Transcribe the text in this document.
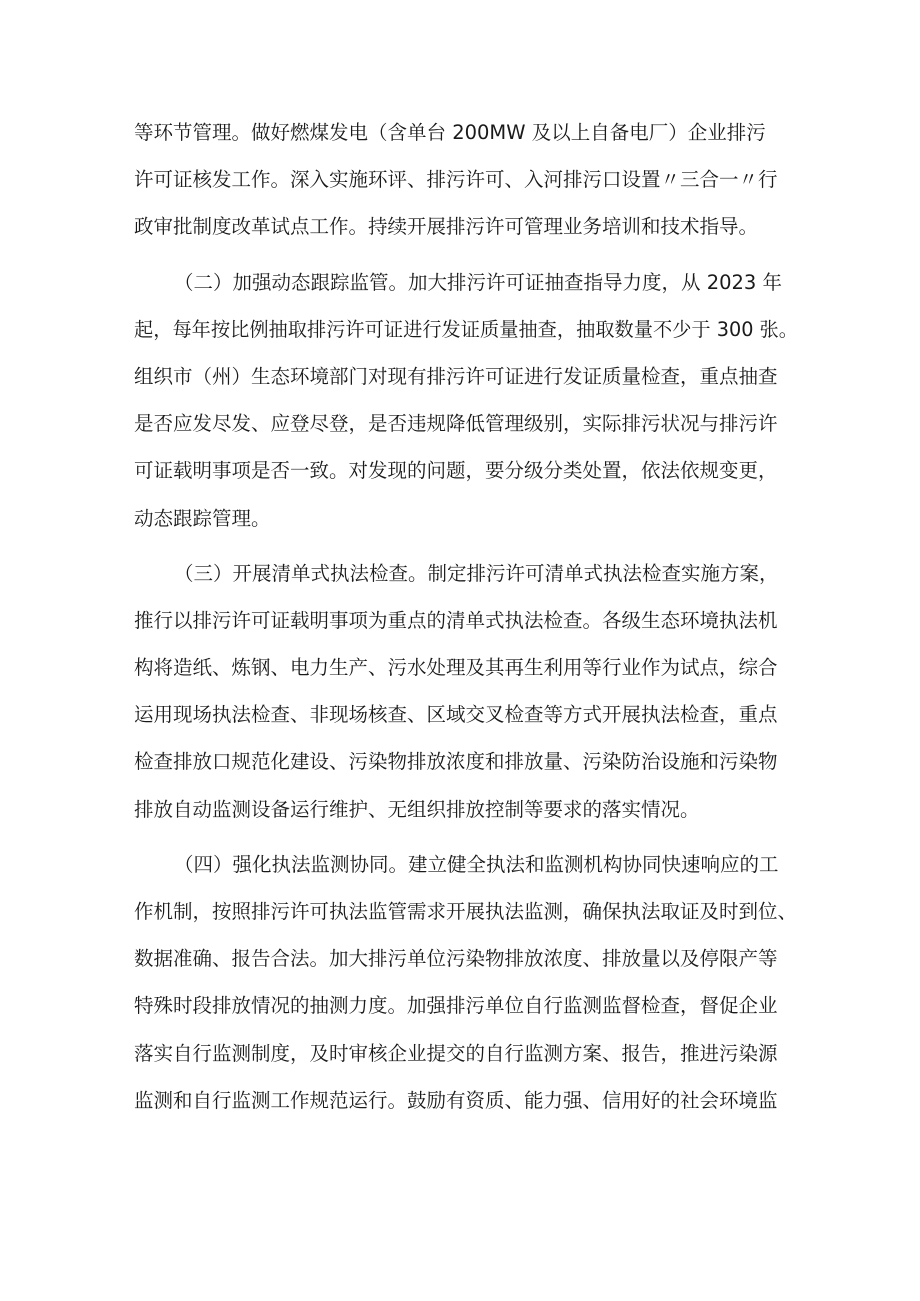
等环节管理。做好燃煤发电（含单台 200MW 及以上自备电厂）企业排污
许可证核发工作。深入实施环评、排污许可、入河排污口设置〃三合一〃行
政审批制度改革试点工作。持续开展排污许可管理业务培训和技术指导。
（二）加强动态跟踪监管。加大排污许可证抽查指导力度，从 2023 年
起，每年按比例抽取排污许可证进行发证质量抽查，抽取数量不少于 300 张。
组织市（州）生态环境部门对现有排污许可证进行发证质量检查，重点抽查
是否应发尽发、应登尽登，是否违规降低管理级别，实际排污状况与排污许
可证载明事项是否一致。对发现的问题，要分级分类处置，依法依规变更，
动态跟踪管理。
（三）开展清单式执法检查。制定排污许可清单式执法检查实施方案，
推行以排污许可证载明事项为重点的清单式执法检查。各级生态环境执法机
构将造纸、炼钢、电力生产、污水处理及其再生利用等行业作为试点，综合
运用现场执法检查、非现场核查、区域交叉检查等方式开展执法检查，重点
检查排放口规范化建设、污染物排放浓度和排放量、污染防治设施和污染物
排放自动监测设备运行维护、无组织排放控制等要求的落实情况。
（四）强化执法监测协同。建立健全执法和监测机构协同快速响应的工
作机制，按照排污许可执法监管需求开展执法监测，确保执法取证及时到位、
数据准确、报告合法。加大排污单位污染物排放浓度、排放量以及停限产等
特殊时段排放情况的抽测力度。加强排污单位自行监测监督检查，督促企业
落实自行监测制度，及时审核企业提交的自行监测方案、报告，推进污染源
监测和自行监测工作规范运行。鼓励有资质、能力强、信用好的社会环境监
